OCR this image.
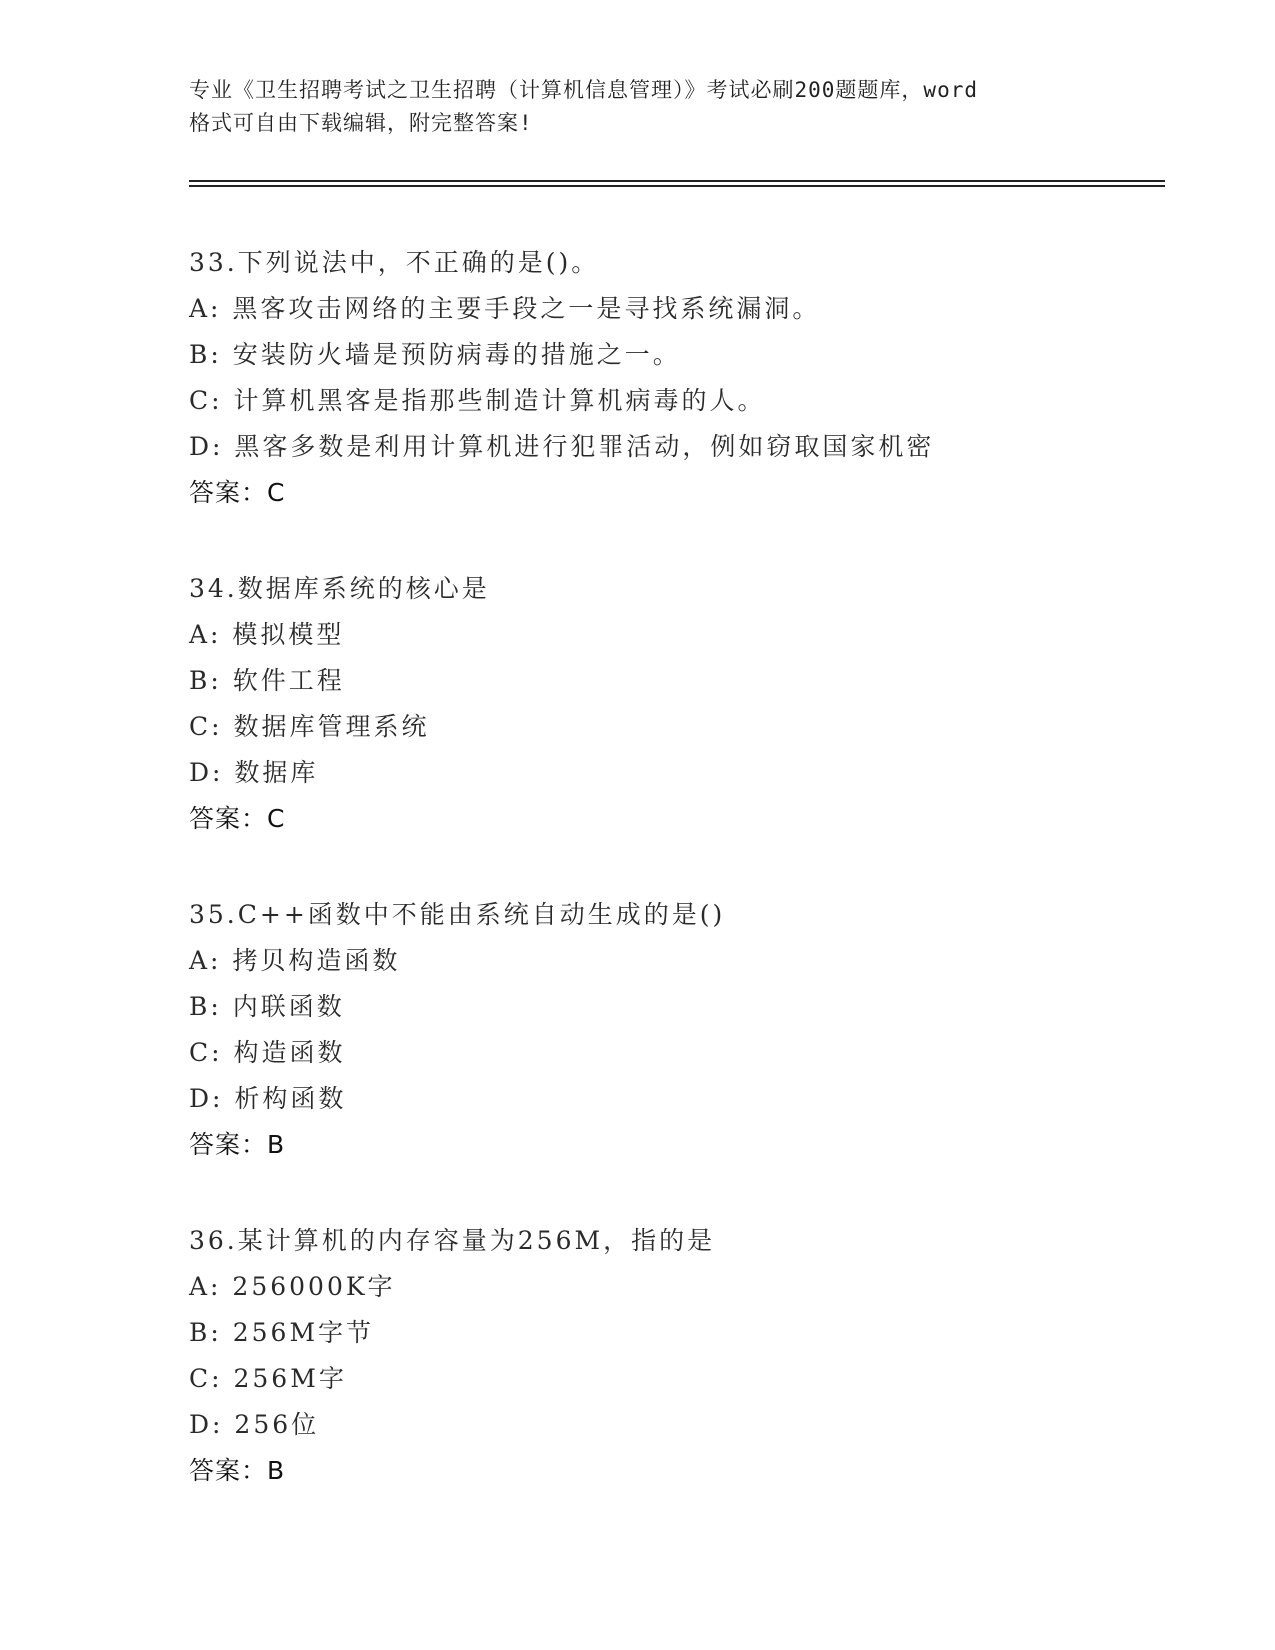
专业《卫生招聘考试之卫生招聘（计算机信息管理）》考试必刷200题题库，word
格式可自由下载编辑，附完整答案!
33.下列说法中，不正确的是()。
A: 黑客攻击网络的主要手段之一是寻找系统漏洞。
B: 安装防火墙是预防病毒的措施之一。
C: 计算机黑客是指那些制造计算机病毒的人。
D: 黑客多数是利用计算机进行犯罪活动，例如窃取国家机密
答案：C
34.数据库系统的核心是
A: 模拟模型
B: 软件工程
C: 数据库管理系统
D: 数据库
答案：C
35.C++函数中不能由系统自动生成的是()
A: 拷贝构造函数
B: 内联函数
C: 构造函数
D: 析构函数
答案：B
36.某计算机的内存容量为256M，指的是
A: 256000K字
B: 256M字节
C: 256M字
D: 256位
答案：B
